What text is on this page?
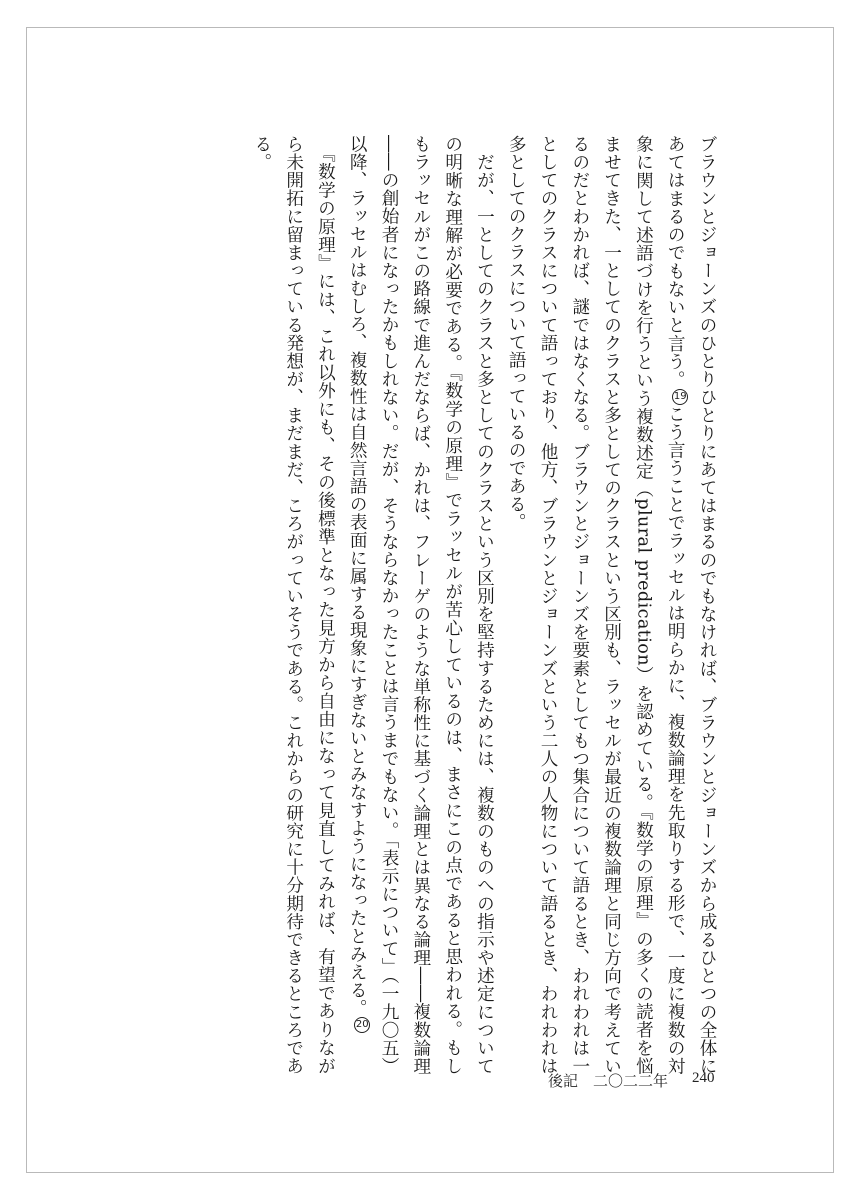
ブラウンとジョーンズのひとりひとりにあてはまるのでもなければ、ブラウンとジョーンズから成るひとつの全体にあてはまるのでもないと言う。19こう言うことでラッセルは明らかに、複数論理を先取りする形で、一度に複数の対象に関して述語づけを行うという複数述定（plural predication）を認めている。『数学の原理』の多くの読者を悩ませてきた、一としてのクラスと多としてのクラスという区別も、ラッセルが最近の複数論理と同じ方向で考えているのだとわかれば、謎ではなくなる。ブラウンとジョーンズを要素としてもつ集合について語るとき、われわれは一としてのクラスについて語っており、他方、ブラウンとジョーンズという二人の人物について語るとき、われわれは多としてのクラスについて語っているのである。

　だが、一としてのクラスと多としてのクラスという区別を堅持するためには、複数のものへの指示や述定についての明晰な理解が必要である。『数学の原理』でラッセルが苦心しているのは、まさにこの点であると思われる。もしもラッセルがこの路線で進んだならば、かれは、フレーゲのような単称性に基づく論理とは異なる論理――複数論理――の創始者になったかもしれない。だが、そうならなかったことは言うまでもない。「表示について」（一九〇五）以降、ラッセルはむしろ、複数性は自然言語の表面に属する現象にすぎないとみなすようになったとみえる。20

　『数学の原理』には、これ以外にも、その後標準となった見方から自由になって見直してみれば、有望でありながら未開拓に留まっている発想が、まだまだ、ころがっていそうである。これからの研究に十分期待できるところである。

後記　二〇二二年 240
